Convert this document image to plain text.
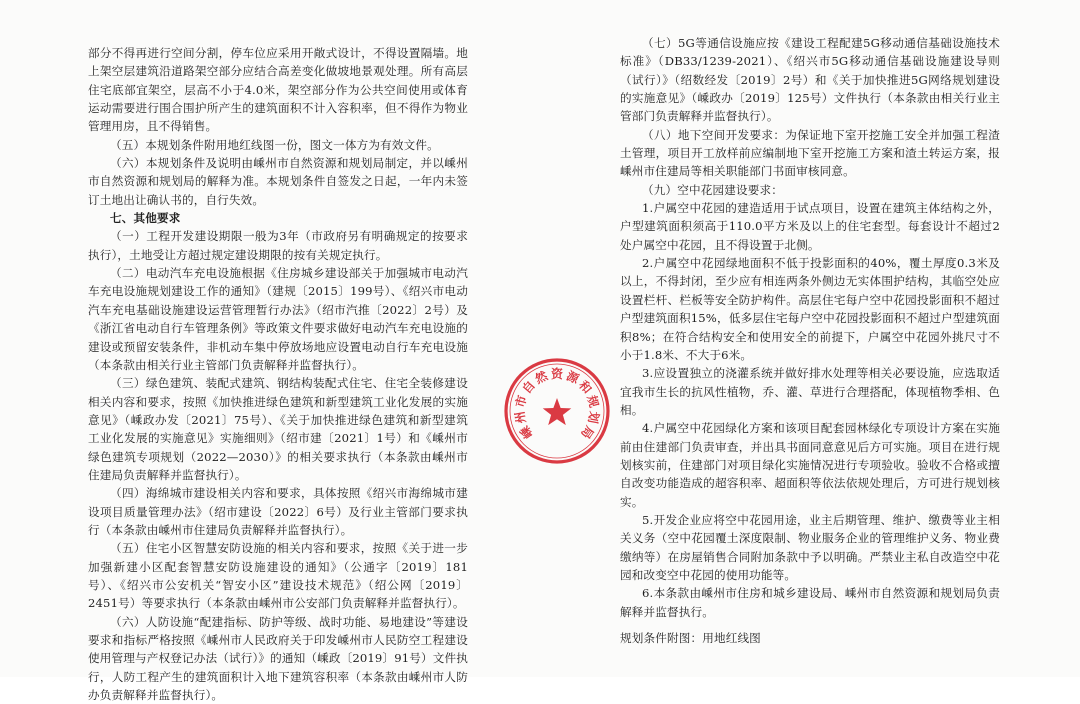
部分不得再进行空间分割，停车位应采用开敞式设计，不得设置隔墙。地上架空层建筑沿道路架空部分应结合高差变化做坡地景观处理。所有高层住宅底部宜架空，层高不小于4.0米，架空部分作为公共空间使用或体育运动需要进行围合围护所产生的建筑面积不计入容积率，但不得作为物业管理用房，且不得销售。

（五）本规划条件附用地红线图一份，图文一体方为有效文件。

（六）本规划条件及说明由嵊州市自然资源和规划局制定，并以嵊州市自然资源和规划局的解释为准。本规划条件自签发之日起，一年内未签订土地出让确认书的，自行失效。

七、其他要求

（一）工程开发建设期限一般为3年（市政府另有明确规定的按要求执行），土地受让方超过规定建设期限的按有关规定执行。

（二）电动汽车充电设施根据《住房城乡建设部关于加强城市电动汽车充电设施规划建设工作的通知》（建规〔2015〕199号）、《绍兴市电动汽车充电基础设施建设运营管理暂行办法》（绍市汽推〔2022〕2号）及《浙江省电动自行车管理条例》等政策文件要求做好电动汽车充电设施的建设或预留安装条件，非机动车集中停放场地应设置电动自行车充电设施（本条款由相关行业主管部门负责解释并监督执行）。

（三）绿色建筑、装配式建筑、钢结构装配式住宅、住宅全装修建设相关内容和要求，按照《加快推进绿色建筑和新型建筑工业化发展的实施意见》（嵊政办发〔2021〕75号）、《关于加快推进绿色建筑和新型建筑工业化发展的实施意见》实施细则》（绍市建〔2021〕1号）和《嵊州市绿色建筑专项规划（2022—2030）》的相关要求执行（本条款由嵊州市住建局负责解释并监督执行）。

（四）海绵城市建设相关内容和要求，具体按照《绍兴市海绵城市建设项目质量管理办法》（绍市建设〔2022〕6号）及行业主管部门要求执行（本条款由嵊州市住建局负责解释并监督执行）。

（五）住宅小区智慧安防设施的相关内容和要求，按照《关于进一步加强新建小区配套智慧安防设施建设的通知》（公通字〔2019〕181号）、《绍兴市公安机关“智安小区”建设技术规范》（绍公网〔2019〕2451号）等要求执行（本条款由嵊州市公安部门负责解释并监督执行）。

（六）人防设施“配建指标、防护等级、战时功能、易地建设”等建设要求和指标严格按照《嵊州市人民政府关于印发嵊州市人民防空工程建设使用管理与产权登记办法（试行）》的通知（嵊政〔2019〕91号）文件执行，人防工程产生的建筑面积计入地下建筑容积率（本条款由嵊州市人防办负责解释并监督执行）。

（七）5G等通信设施应按《建设工程配建5G移动通信基础设施技术标准》（DB33/1239-2021）、《绍兴市5G移动通信基础设施建设导则（试行）》（绍数经发〔2019〕2号）和《关于加快推进5G网络规划建设的实施意见》（嵊政办〔2019〕125号）文件执行（本条款由相关行业主管部门负责解释并监督执行）。

（八）地下空间开发要求：为保证地下室开挖施工安全并加强工程渣土管理，项目开工放样前应编制地下室开挖施工方案和渣土转运方案，报嵊州市住建局等相关职能部门书面审核同意。

（九）空中花园建设要求：

1.户属空中花园的建造适用于试点项目，设置在建筑主体结构之外，户型建筑面积须高于110.0平方米及以上的住宅套型。每套设计不超过2处户属空中花园，且不得设置于北侧。

2.户属空中花园绿地面积不低于投影面积的40%，覆土厚度0.3米及以上，不得封闭，至少应有相连两条外侧边无实体围护结构，其临空处应设置栏杆、栏板等安全防护构件。高层住宅每户空中花园投影面积不超过户型建筑面积15%，低多层住宅每户空中花园投影面积不超过户型建筑面积8%；在符合结构安全和使用安全的前提下，户属空中花园外挑尺寸不小于1.8米、不大于6米。

3.应设置独立的浇灌系统并做好排水处理等相关必要设施，应选取适宜我市生长的抗风性植物，乔、灌、草进行合理搭配，体现植物季相、色相。

4.户属空中花园绿化方案和该项目配套园林绿化专项设计方案在实施前由住建部门负责审查，并出具书面同意意见后方可实施。项目在进行规划核实前，住建部门对项目绿化实施情况进行专项验收。验收不合格或擅自改变功能造成的超容积率、超面积等依法依规处理后，方可进行规划核实。

5.开发企业应将空中花园用途，业主后期管理、维护、缴费等业主相关义务（空中花园覆土深度限制、物业服务企业的管理维护义务、物业费缴纳等）在房屋销售合同附加条款中予以明确。严禁业主私自改造空中花园和改变空中花园的使用功能等。

6.本条款由嵊州市住房和城乡建设局、嵊州市自然资源和规划局负责解释并监督执行。

规划条件附图：用地红线图

嵊
州
市
自
然 资 源
和
规
划
局
